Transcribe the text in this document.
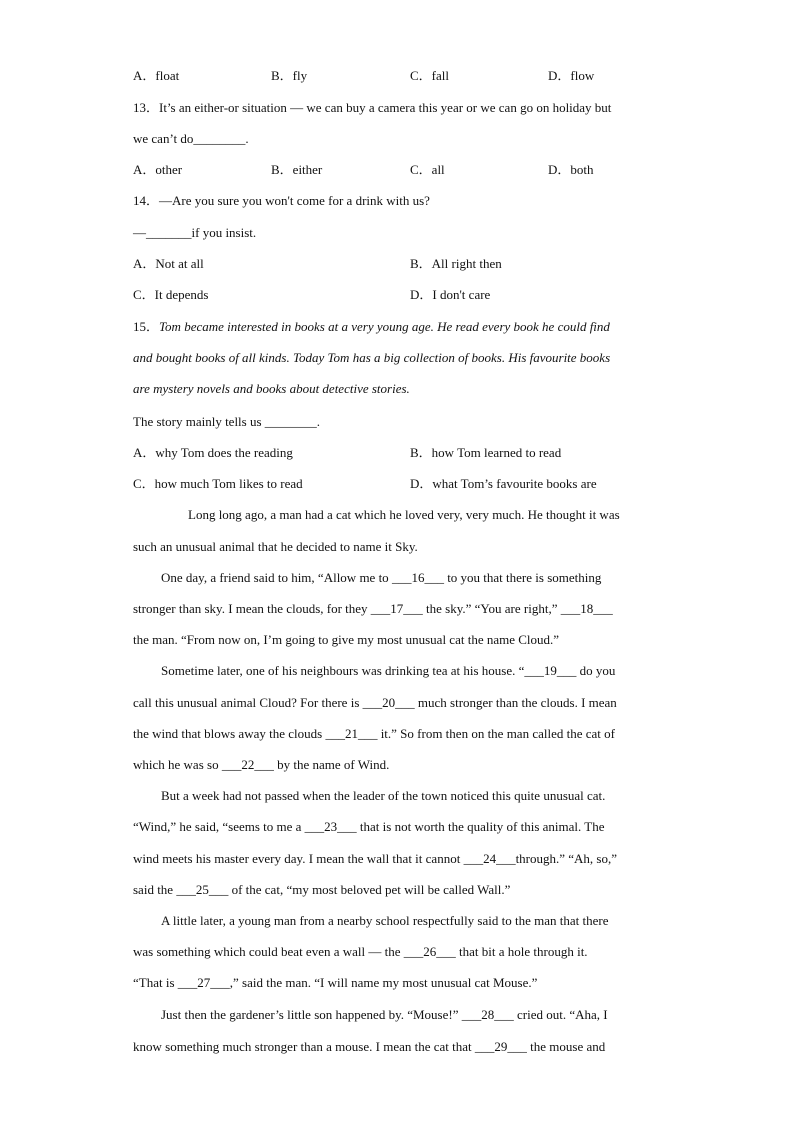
A．float	B．fly	C．fall	D．flow
13．It’s an either-or situation — we can buy a camera this year or we can go on holiday but
we can’t do________.
A．other	B．either	C．all	D．both
14．—Are you sure you won't come for a drink with us?
—_______if you insist.
A．Not at all	B．All right then
C．It depends	D．I don't care
15．Tom became interested in books at a very young age. He read every book he could find
and bought books of all kinds. Today Tom has a big collection of books. His favourite books
are mystery novels and books about detective stories.
The story mainly tells us ________.
A．why Tom does the reading	B．how Tom learned to read
C．how much Tom likes to read	D．what Tom’s favourite books are
Long long ago, a man had a cat which he loved very, very much. He thought it was
such an unusual animal that he decided to name it Sky.
One day, a friend said to him, “Allow me to ___16___ to you that there is something
stronger than sky. I mean the clouds, for they ___17___ the sky.” “You are right,” ___18___
the man. “From now on, I’m going to give my most unusual cat the name Cloud.”
Sometime later, one of his neighbours was drinking tea at his house. “___19___ do you
call this unusual animal Cloud? For there is ___20___ much stronger than the clouds. I mean
the wind that blows away the clouds ___21___ it.” So from then on the man called the cat of
which he was so ___22___ by the name of Wind.
But a week had not passed when the leader of the town noticed this quite unusual cat.
“Wind,” he said, “seems to me a ___23___ that is not worth the quality of this animal. The
wind meets his master every day. I mean the wall that it cannot ___24___through.” “Ah, so,”
said the ___25___ of the cat, “my most beloved pet will be called Wall.”
A little later, a young man from a nearby school respectfully said to the man that there
was something which could beat even a wall — the ___26___ that bit a hole through it.
“That is ___27___,” said the man. “I will name my most unusual cat Mouse.”
Just then the gardener’s little son happened by. “Mouse!” ___28___ cried out. “Aha, I
know something much stronger than a mouse. I mean the cat that ___29___ the mouse and
